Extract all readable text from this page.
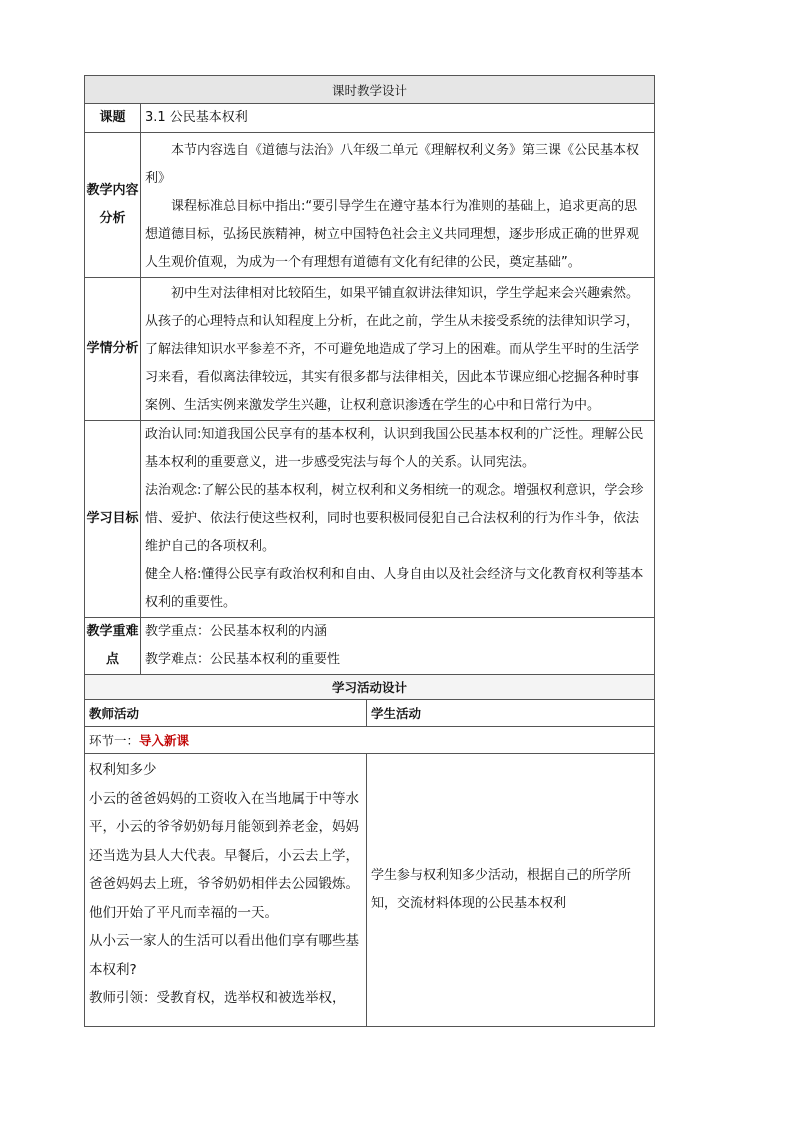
课时教学设计		
课题	3.1 公民基本权利	
教学内容分析	本节内容选自《道德与法治》八年级二单元《理解权利义务》第三课《公民基本权利》
课程标准总目标中指出:“要引导学生在遵守基本行为准则的基础上，追求更高的思想道德目标，弘扬民族精神，树立中国特色社会主义共同理想，逐步形成正确的世界观人生观价值观，为成为一个有理想有道德有文化有纪律的公民，奠定基础”。	

学情分析	初中生对法律相对比较陌生，如果平铺直叙讲法律知识，学生学起来会兴趣索然。从孩子的心理特点和认知程度上分析，在此之前，学生从未接受系统的法律知识学习，了解法律知识水平参差不齐，不可避免地造成了学习上的困难。而从学生平时的生活学习来看，看似离法律较远，其实有很多都与法律相关，因此本节课应细心挖掘各种时事案例、生活实例来激发学生兴趣，让权利意识渗透在学生的心中和日常行为中。	

学习目标	政治认同:知道我国公民享有的基本权利，认识到我国公民基本权利的广泛性。理解公民基本权利的重要意义，进一步感受宪法与每个人的关系。认同宪法。
法治观念:了解公民的基本权利，树立权利和义务相统一的观念。增强权利意识，学会珍惜、爱护、依法行使这些权利，同时也要积极同侵犯自己合法权利的行为作斗争，依法维护自己的各项权利。
健全人格:懂得公民享有政治权利和自由、人身自由以及社会经济与文化教育权利等基本权利的重要性。	

教学重难点	教学重点：公民基本权利的内涵
教学难点：公民基本权利的重要性	

学习活动设计		
教师活动		学生活动
环节一：导入新课		

权利知多少
小云的爸爸妈妈的工资收入在当地属于中等水平，小云的爷爷奶奶每月能领到养老金，妈妈还当选为县人大代表。早餐后，小云去上学，爸爸妈妈去上班，爷爷奶奶相伴去公园锻炼。他们开始了平凡而幸福的一天。
从小云一家人的生活可以看出他们享有哪些基本权利?
教师引领：受教育权，选举权和被选举权，		学生参与权利知多少活动，根据自己的所学所知，交流材料体现的公民基本权利
